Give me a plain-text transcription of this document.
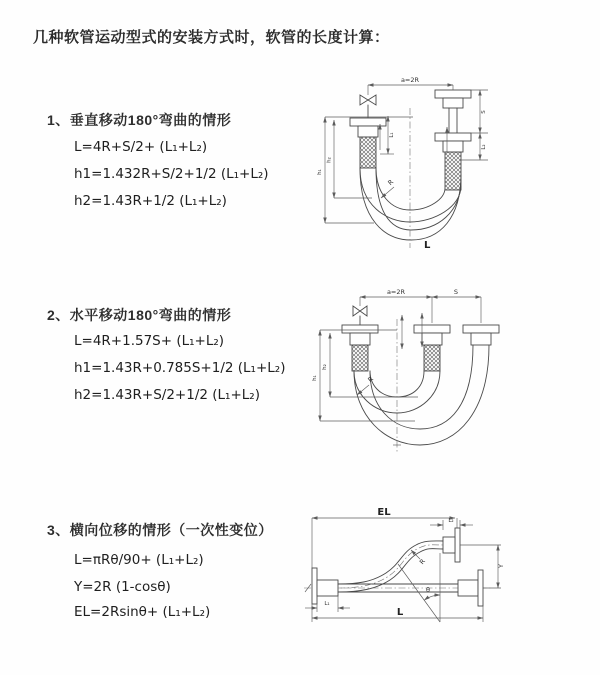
几种软管运动型式的安装方式时，软管的长度计算：
1、垂直移动180°弯曲的情形
L=4R+S/2+ (L₁+L₂)
h1=1.432R+S/2+1/2 (L₁+L₂)
h2=1.43R+1/2 (L₁+L₂)
2、水平移动180°弯曲的情形
L=4R+1.57S+ (L₁+L₂)
h1=1.43R+0.785S+1/2 (L₁+L₂)
h2=1.43R+S/2+1/2 (L₁+L₂)
3、横向位移的情形（一次性变位）
L=πRθ/90+ (L₁+L₂)
Y=2R (1-cosθ)
EL=2Rsinθ+ (L₁+L₂)
a=2R
h₁
h₂
L₁
S
L₂
R
L
a=2R	S
h₁
h₂
R
EL
L₂
Y
R
θ
L
L₁
